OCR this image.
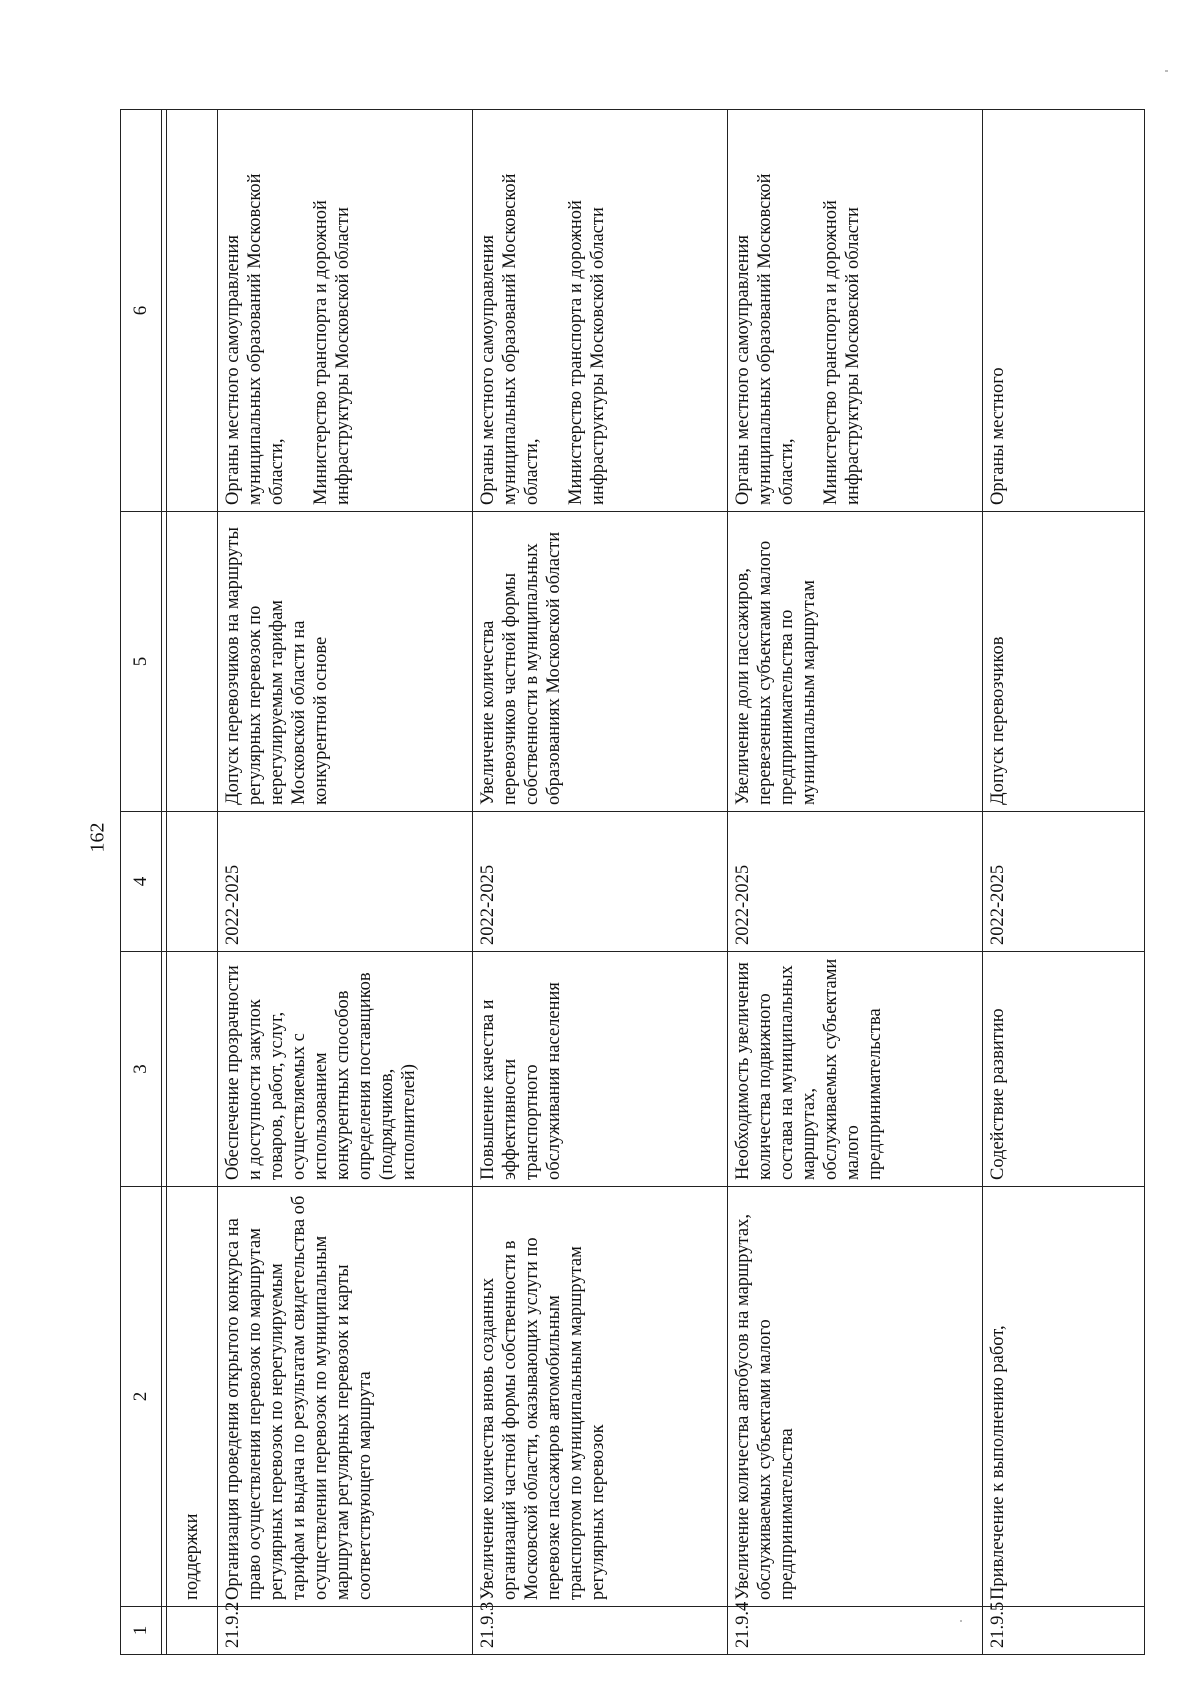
162
1	2	3	4	5	6

	поддержки				
21.9.2	Организация проведения открытого конкурса на право осуществления перевозок по маршрутам регулярных перевозок по нерегулируемым тарифам и выдача по результатам свидетельства об осуществлении перевозок по муниципальным маршрутам регулярных перевозок и карты соответствующего маршрута	Обеспечение прозрачности и доступности закупок товаров, работ, услуг, осуществляемых с использованием конкурентных способов определения поставщиков (подрядчиков, исполнителей)	2022-2025	Допуск перевозчиков на маршруты регулярных перевозок по нерегулируемым тарифам Московской области на конкурентной основе	Органы местного самоуправления муниципальных образований Московской области,

Министерство транспорта и дорожной инфраструктуры Московской области
21.9.3	Увеличение количества вновь созданных организаций частной формы собственности в Московской области, оказывающих услуги по перевозке пассажиров автомобильным транспортом по муниципальным маршрутам регулярных перевозок	Повышение качества и эффективности транспортного обслуживания населения	2022-2025	Увеличение количества перевозчиков частной формы собственности в муниципальных образованиях Московской области	Органы местного самоуправления муниципальных образований Московской области,

Министерство транспорта и дорожной инфраструктуры Московской области
21.9.4	Увеличение количества автобусов на маршрутах, обслуживаемых субъектами малого предпринимательства	Необходимость увеличения количества подвижного состава на муниципальных маршрутах, обслуживаемых субъектами малого предпринимательства	2022-2025	Увеличение доли пассажиров, перевезенных субъектами малого предпринимательства по муниципальным маршрутам	Органы местного самоуправления муниципальных образований Московской области,

Министерство транспорта и дорожной инфраструктуры Московской области
21.9.5	Привлечение к выполнению работ,	Содействие развитию	2022-2025	Допуск перевозчиков	Органы местного
